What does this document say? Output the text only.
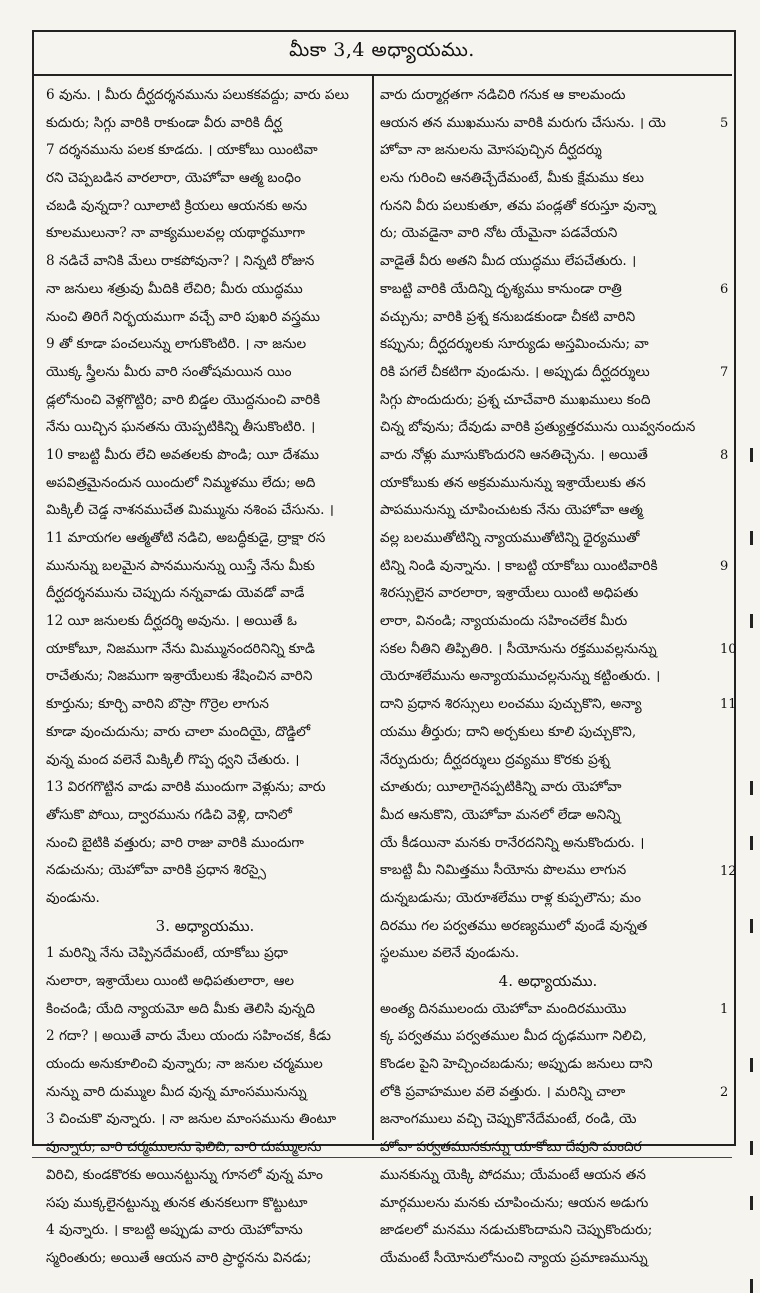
మీకా 3,4 అధ్యాయము.
6 వును. । మీరు దీర్ఘదర్శనమును పలుకకవద్దు; వారు పలు
కుదురు; సిగ్గు వారికి రాకుండా వీరు వారికి దీర్ఘ
7 దర్శనమును పలక కూడదు. । యాకోబు యింటివా
రని చెప్పబడిన వారలారా, యెహోవా ఆత్మ బంధిం
చబడి వున్నదా? యీలాటి క్రియలు ఆయనకు అను
కూలములునా? నా వాక్యములవల్ల యథార్థమూగా
8 నడిచే వానికి మేలు రాకపోవునా? । నిన్నటి రోజున
నా జనులు శత్రువు మీదికి లేచిరి; మీరు యుద్ధము
నుంచి తిరిగే నిర్భయముగా వచ్చే వారి పుఖరి వస్త్రము
9 తో కూడా పంచలున్ను లాగుకొంటిరి. । నా జనుల
యొక్క స్త్రీలను మీరు వారి సంతోషమయిన యిం
డ్లలోనుంచి వెళ్లగొట్టిరి; వారి బిడ్డల యొద్దనుంచి వారికి
నేను యిచ్చిన ఘనతను యెప్పటికిన్ని తీసుకొంటిరి. ।
10 కాబట్టి మీరు లేచి అవతలకు పొండి; యీ దేశము
అపవిత్రమైనందున యిందులో నిమ్మళము లేదు; అది
మిక్కిలీ చెడ్డ నాశనముచేత మిమ్మును నశింప చేసును. ।
11 మాయగల ఆత్మతోటి నడిచి, అబద్ధీకుడై, ద్రాక్షా రస
మునున్ను బలమైన పానమునున్ను యిస్తే నేను మీకు
దీర్ఘదర్శనమును చెప్పుదు నన్నవాడు యెవడో వాడే
12 యీ జనులకు దీర్ఘదర్శి అవును. । అయితే ఓ
యాకోబూ, నిజముగా నేను మిమ్మునందరినిన్ని కూడి
రాచేతును; నిజముగా ఇశ్రాయేలుకు శేషించిన వారిని
కూర్తును; కూర్చి వారిని బొస్రా గొర్రెల లాగున
కూడా వుంచుదును; వారు చాలా మందియై, దొడ్డిలో
వున్న మంద వలెనే మిక్కిలీ గొప్ప ధ్వని చేతురు. ।
13 విరగగొట్టిన వాడు వారికి ముందుగా వెళ్లును; వారు
తోసుకొ పోయి, ద్వారమును గడిచి వెళ్లి, దానిలో
నుంచి బైటికి వత్తురు; వారి రాజు వారికి ముందుగా
నడుచును; యెహోవా వారికి ప్రధాన శిరస్సై
వుండును.
3. అధ్యాయము.
1 మరిన్ని నేను చెప్పినదేమంటే, యాకోబు ప్రధా
నులారా, ఇశ్రాయేలు యింటి అధిపతులారా, ఆల
కించండి; యేది న్యాయమో అది మీకు తెలిసి వున్నది
2 గదా? । అయితే వారు మేలు యందు సహించక, కీడు
యందు అనుకూలించి వున్నారు; నా జనుల చర్మముల
నున్ను వారి దుమ్ముల మీద వున్న మాంసమునున్ను
3 చించుకొ వున్నారు. । నా జనుల మాంసమును తింటూ
వున్నారు; వారి చర్మములను ఫెలిచి, వారి దుమ్ములను
విరిచి, కుండకొరకు అయినట్టున్ను గూనలో వున్న మాం
సపు ముక్కలైనట్టున్ను తునక తునకలుగా కొట్టుటూ
4 వున్నారు. । కాబట్టి అప్పుడు వారు యెహోవాను
స్మరింతురు; అయితే ఆయన వారి ప్రార్థనను వినడు;
వారు దుర్మార్గతగా నడిచిరి గనుక ఆ కాలమందు
ఆయన తన ముఖమును వారికి మరుగు చేసును. । యె
హోవా నా జనులను మోసపుచ్చిన దీర్ఘదర్శు
లను గురించి ఆనతిచ్చేదేమంటే, మీకు క్షేమము కలు
గునని వీరు పలుకుతూ, తమ పండ్లతో కరుస్తూ వున్నా
రు; యెవడైనా వారి నోట యేమైనా పడవేయని
వాడైతే వీరు అతని మీద యుద్ధము లేపచేతురు. ।
కాబట్టి వారికి యేదిన్ని దృశ్యము కానుండా రాత్రి
వచ్చును; వారికి ప్రశ్న కనుబడకుండా చీకటి వారిని
కప్పును; దీర్ఘదర్శులకు సూర్యుడు అస్తమించును; వా
రికి పగలే చీకటిగా వుండును. । అప్పుడు దీర్ఘదర్శులు
సిగ్గు పొందుదురు; ప్రశ్న చూచేవారి ముఖములు కంది
చిన్న బోవును; దేవుడు వారికి ప్రత్యుత్తరమును యివ్వనందున
వారు నోళ్లు మూసుకొందురని ఆనతిచ్చెను. । అయితే
యాకోబుకు తన అక్రమమునున్ను ఇశ్రాయేలుకు తన
పాపమునున్ను చూపించుటకు నేను యెహోవా ఆత్మ
వల్ల బలముతోటిన్ని న్యాయముతోటిన్ని ధైర్యముతో
టిన్ని నిండి వున్నాను. । కాబట్టి యాకోబు యింటివారికి
శిరస్సులైన వారలారా, ఇశ్రాయేలు యింటి అధిపతు
లారా, వినండి; న్యాయమందు సహించలేక మీరు
సకల నీతిని తిప్పితిరి. । సీయోనును రక్తమువల్లనున్ను
యెరూశలేమును అన్యాయముచల్లనున్ను కట్టింతురు. ।
దాని ప్రధాన శిరస్సులు లంచము పుచ్చుకొని, అన్యా
యము తీర్తురు; దాని అర్చకులు కూలి పుచ్చుకొని,
నేర్పుదురు; దీర్ఘదర్శులు ద్రవ్యము కొరకు ప్రశ్న
చూతురు; యీలాగైనప్పటికిన్ని వారు యెహోవా
మీద ఆనుకొని, యెహోవా మనలో లేడా అనిన్ని
యే కీడయినా మనకు రానేరదనిన్ని అనుకొందురు. ।
కాబట్టి మీ నిమిత్తము సీయోను పొలము లాగున
దున్నబడును; యెరూశలేము రాళ్ల కుప్పలౌను; మం
దిరము గల పర్వతము అరణ్యములో వుండే వున్నత
స్థలముల వలెనే వుండును.
4. అధ్యాయము.
అంత్య దినములందు యెహోవా మందిరముయొ
క్క పర్వతము పర్వతముల మీద దృఢముగా నిలిచి,
కొండల పైని హెచ్చించబడును; అప్పుడు జనులు దాని
లోకి ప్రవాహముల వలె వత్తురు. । మరిన్ని చాలా
జనాంగములు వచ్చి చెప్పుకొనేదేమంటే, రండి, యె
హోవా పర్వతమునకున్ను యాకోబు దేవుని మందిర
మునకున్ను యెక్కి పోదము; యేమంటే ఆయన తన
మార్గములను మనకు చూపించును; ఆయన అడుగు
జాడలలో మనము నడుచుకొందామని చెప్పుకొందురు;
యేమంటే సీయోనులోనుంచి న్యాయ ప్రమాణమున్ను
5
6
7
8
9
10
11
12
1
2
